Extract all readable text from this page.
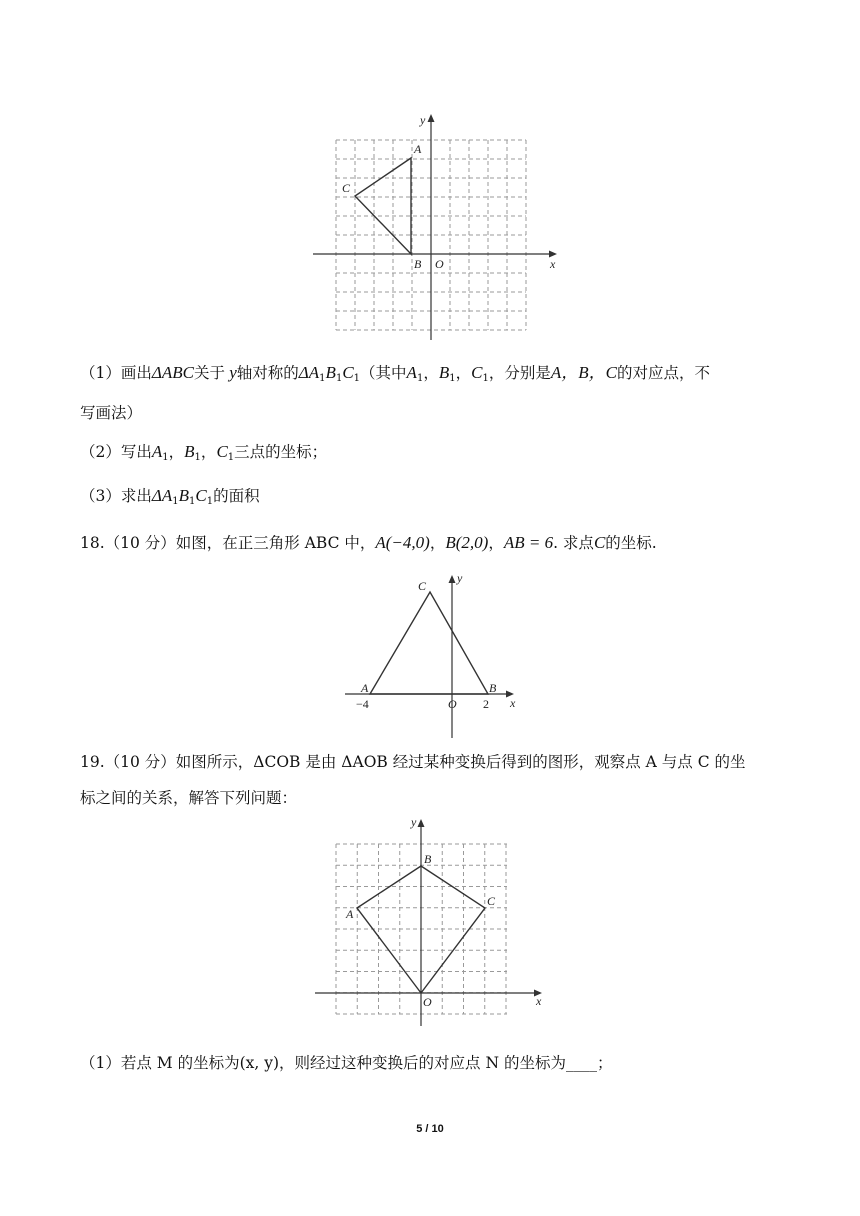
A
C
B O	x
y
（1）画出ΔABC关于 y轴对称的$\Delta A_1B_1C_1$（其中$A_1$，$B_1$，$C_1$，分别是A，B，C的对应点，不
写画法）
（2）写出$A_1$，$B_1$，$C_1$三点的坐标；
（3）求出$\Delta A_1B_1C_1$的面积
18.（10 分）如图，在正三角形 ABC 中，A(−4,0)，B(2,0)，AB = 6. 求点C的坐标.
C
y
A	B
−4	O 2 x
19.（10 分）如图所示，ΔCOB 是由 ΔAOB 经过某种变换后得到的图形，观察点 A 与点 C 的坐
标之间的关系，解答下列问题：
y
B
A
C
O	x
（1）若点 M 的坐标为(x, y)，则经过这种变换后的对应点 N 的坐标为____；
5 / 10
